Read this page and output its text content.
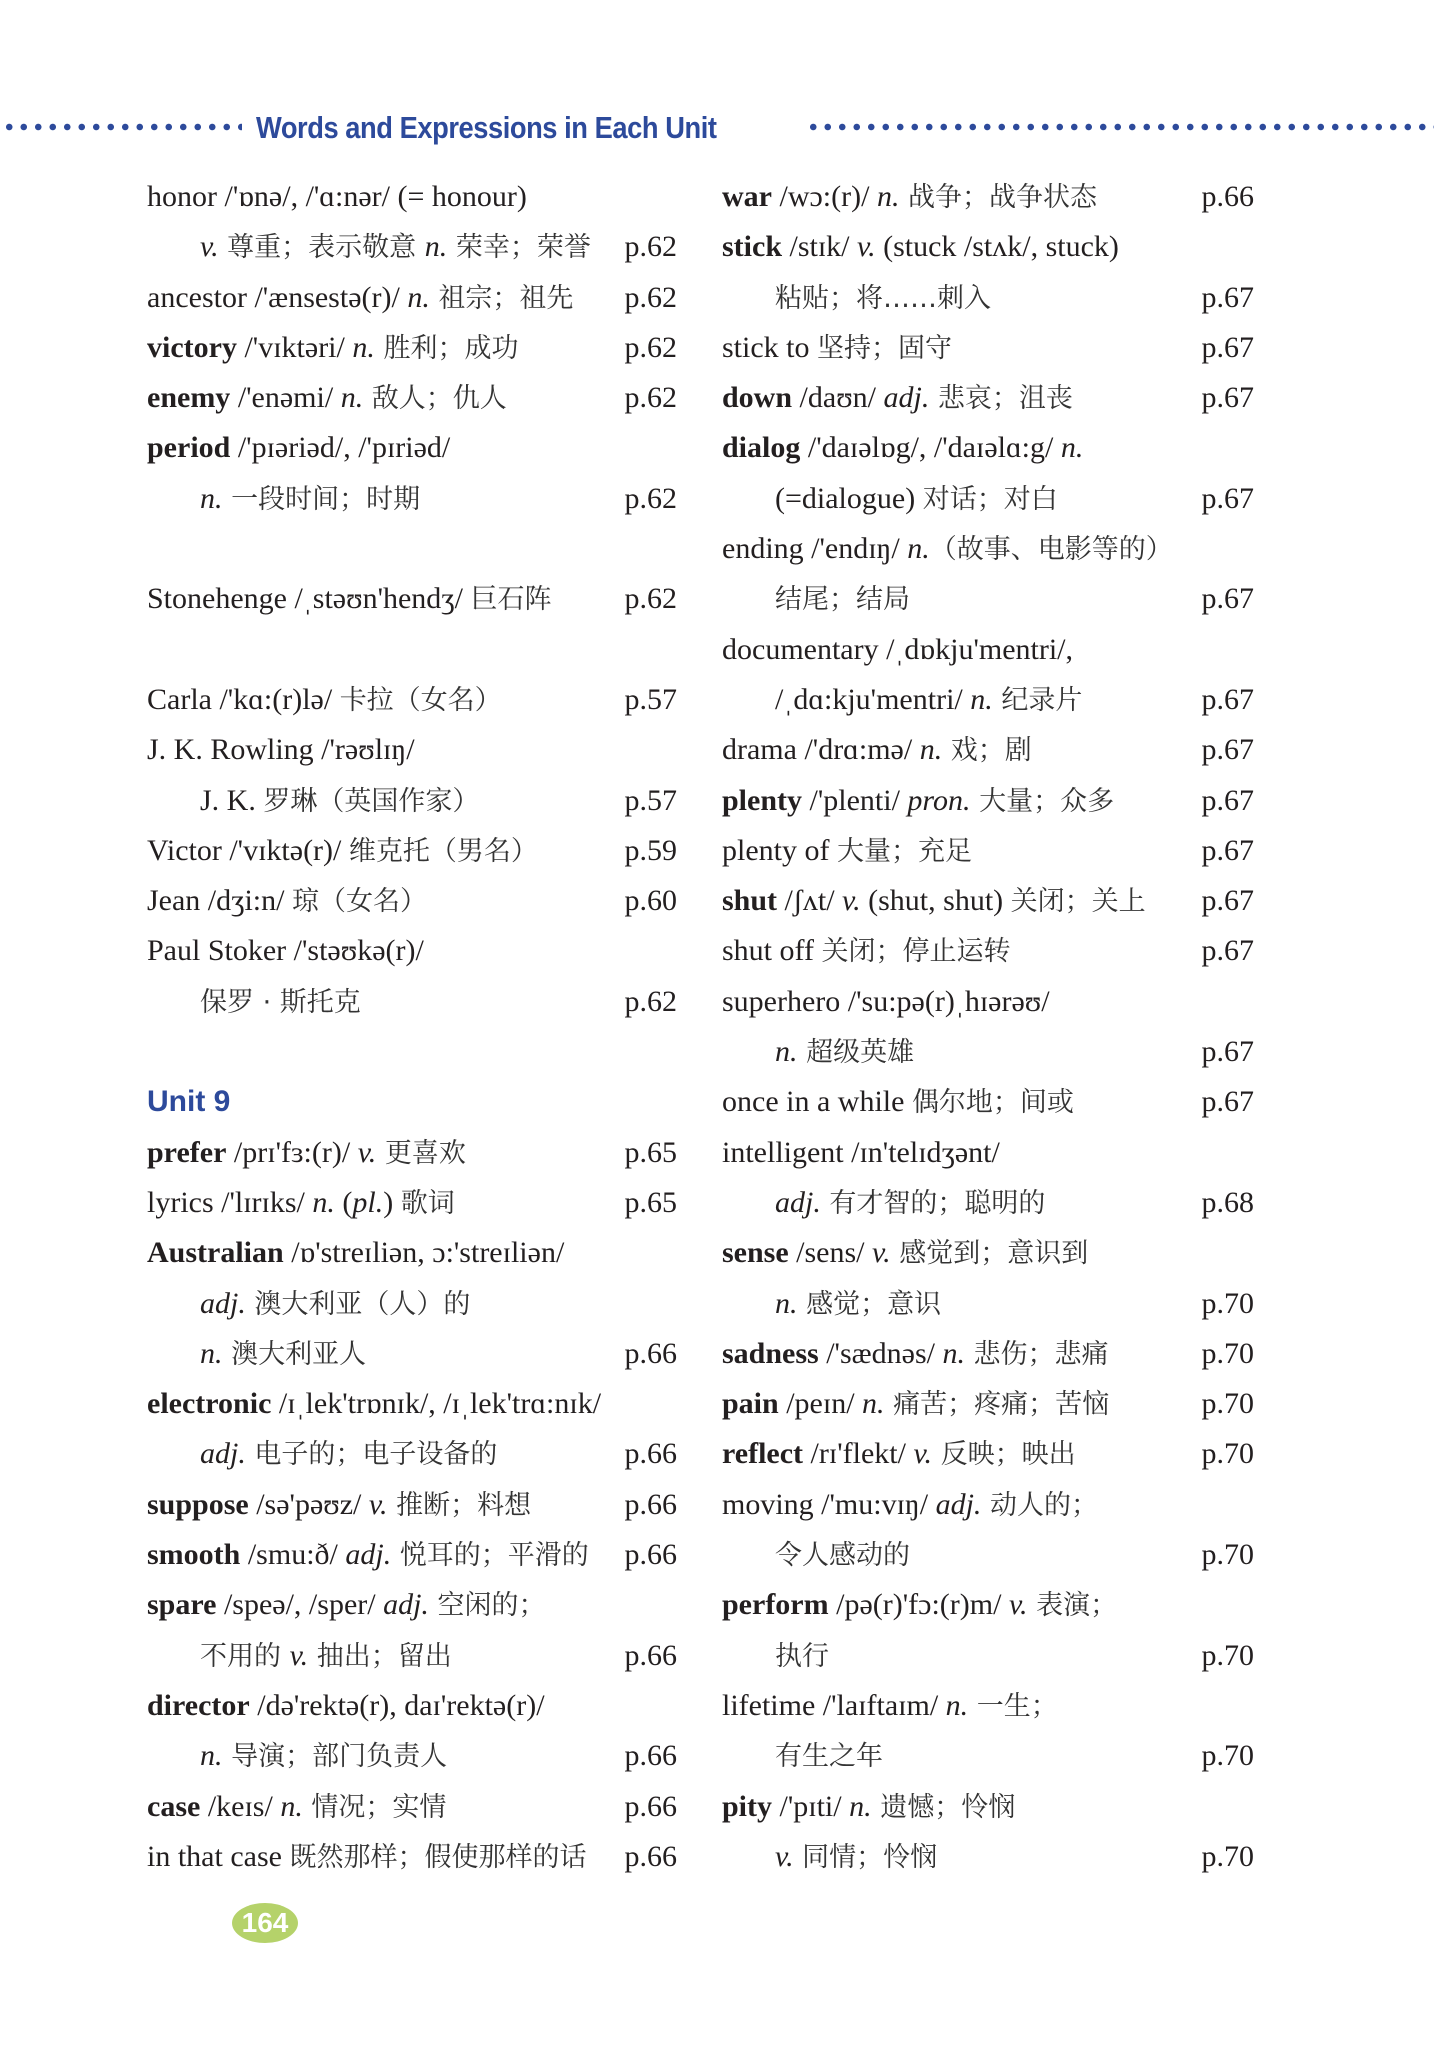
Words and Expressions in Each Unit
honor /'ɒnə/, /'ɑ:nər/ (= honour)
v. 尊重；表示敬意 n. 荣幸；荣誉 p.62
ancestor /'ænsestə(r)/ n. 祖宗；祖先 p.62
victory /'vɪktəri/ n. 胜利；成功	p.62
enemy /'enəmi/ n. 敌人；仇人	p.62
period /'pɪəriəd/, /'pɪriəd/
n. 一段时间；时期	p.62
Stonehenge /ˌstəʊn'hendʒ/ 巨石阵 p.62
Carla /'kɑ:(r)lə/ 卡拉（女名）	p.57
J. K. Rowling /'rəʊlɪŋ/
J. K. 罗琳（英国作家）	p.57
Victor /'vɪktə(r)/ 维克托（男名）	p.59
Jean /dʒi:n/ 琼（女名）	p.60
Paul Stoker /'stəʊkə(r)/
保罗 · 斯托克	p.62
Unit 9
prefer /prɪ'fɜ:(r)/ v. 更喜欢	p.65
lyrics /'lɪrɪks/ n. (pl.) 歌词	p.65
Australian /ɒ'streɪliən, ɔ:'streɪliən/
adj. 澳大利亚（人）的
n. 澳大利亚人	p.66
electronic /ɪˌlek'trɒnɪk/, /ɪˌlek'trɑ:nɪk/
adj. 电子的；电子设备的	p.66
suppose /sə'pəʊz/ v. 推断；料想	p.66
smooth /smu:ð/ adj. 悦耳的；平滑的 p.66
spare /speə/, /sper/ adj. 空闲的；
不用的 v. 抽出；留出	p.66
director /də'rektə(r), daɪ'rektə(r)/
n. 导演；部门负责人	p.66
case /keɪs/ n. 情况；实情	p.66
in that case 既然那样；假使那样的话 p.66
war /wɔ:(r)/ n. 战争；战争状态	p.66
stick /stɪk/ v. (stuck /stʌk/, stuck)
粘贴；将……刺入	p.67
stick to 坚持；固守	p.67
down /daʊn/ adj. 悲哀；沮丧	p.67
dialog /'daɪəlɒg/, /'daɪəlɑ:g/ n.
(=dialogue) 对话；对白	p.67
ending /'endɪŋ/ n.（故事、电影等的）
结尾；结局	p.67
documentary /ˌdɒkju'mentri/,
/ˌdɑ:kju'mentri/ n. 纪录片	p.67
drama /'drɑ:mə/ n. 戏；剧	p.67
plenty /'plenti/ pron. 大量；众多	p.67
plenty of 大量；充足	p.67
shut /ʃʌt/ v. (shut, shut) 关闭；关上 p.67
shut off 关闭；停止运转	p.67
superhero /'su:pə(r)ˌhɪərəʊ/
n. 超级英雄	p.67
once in a while 偶尔地；间或	p.67
intelligent /ɪn'telɪdʒənt/
adj. 有才智的；聪明的	p.68
sense /sens/ v. 感觉到；意识到
n. 感觉；意识	p.70
sadness /'sædnəs/ n. 悲伤；悲痛	p.70
pain /peɪn/ n. 痛苦；疼痛；苦恼	p.70
reflect /rɪ'flekt/ v. 反映；映出	p.70
moving /'mu:vɪŋ/ adj. 动人的；
令人感动的	p.70
perform /pə(r)'fɔ:(r)m/ v. 表演；
执行	p.70
lifetime /'laɪftaɪm/ n. 一生；
有生之年	p.70
pity /'pɪti/ n. 遗憾；怜悯
v. 同情；怜悯	p.70
164
